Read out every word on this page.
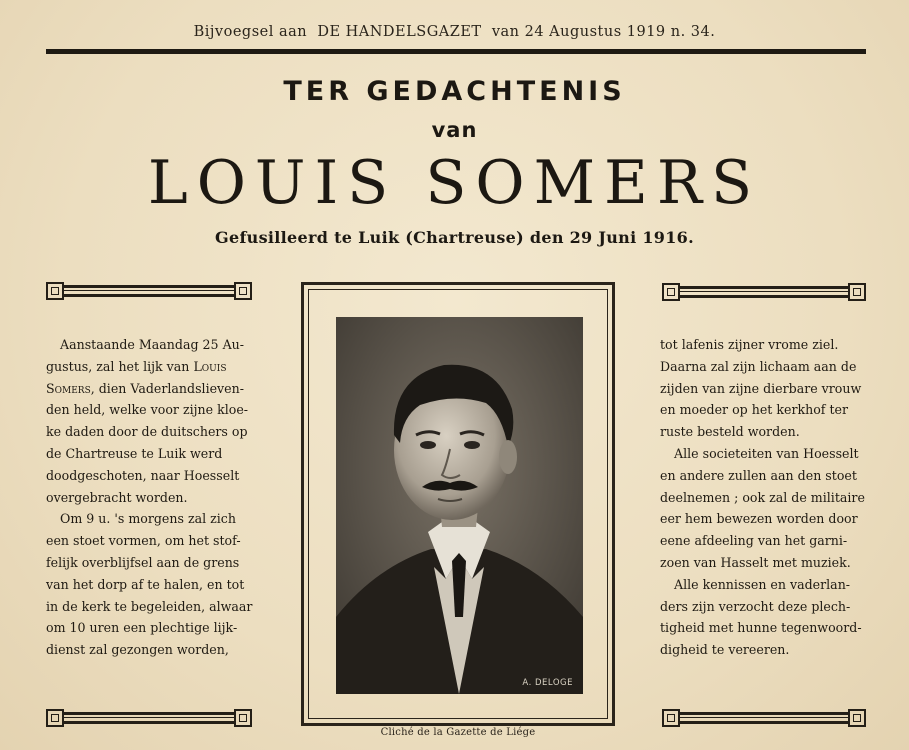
Bijvoegsel aan  DE HANDELSGAZET  van 24 Augustus 1919 n. 34.
TER GEDACHTENIS
van
LOUIS SOMERS
Gefusilleerd te Luik (Chartreuse) den 29 Juni 1916.
Aanstaande Maandag 25 Au-
gustus, zal het lijk van Louis
Somers, dien Vaderlandslieven-
den held, welke voor zijne kloe-
ke daden door de duitschers op
de Chartreuse te Luik werd
doodgeschoten, naar Hoesselt
overgebracht worden.
Om 9 u. 's morgens zal zich
een stoet vormen, om het stof-
felijk overblijfsel aan de grens
van het dorp af te halen, en tot
in de kerk te begeleiden, alwaar
om 10 uren een plechtige lijk-
dienst zal gezongen worden,
tot lafenis zijner vrome ziel.
Daarna zal zijn lichaam aan de
zijden van zijne dierbare vrouw
en moeder op het kerkhof ter
ruste besteld worden.
Alle societeiten van Hoesselt
en andere zullen aan den stoet
deelnemen ; ook zal de militaire
eer hem bewezen worden door
eene afdeeling van het garni-
zoen van Hasselt met muziek.
Alle kennissen en vaderlan-
ders zijn verzocht deze plech-
tigheid met hunne tegenwoord-
digheid te vereeren.
A. DELOGE
Cliché de la Gazette de Liége
